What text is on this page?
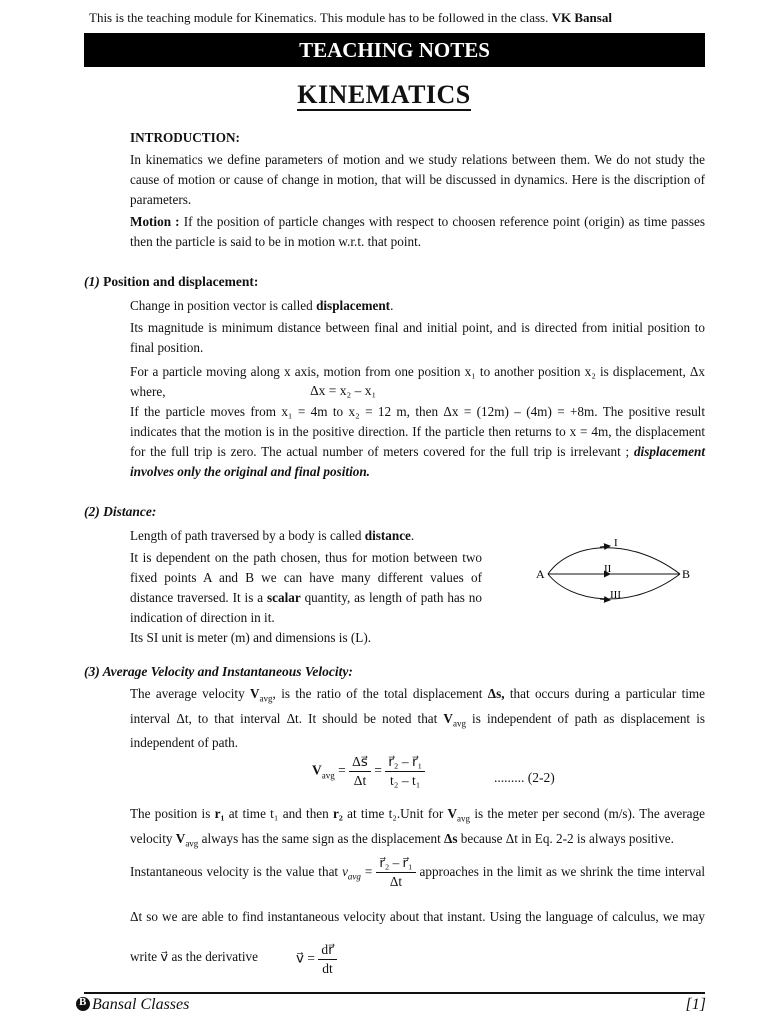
This is the teaching module for Kinematics. This module has to be followed in the class. VK Bansal
TEACHING NOTES
KINEMATICS
INTRODUCTION:
In kinematics we define parameters of motion and we study relations between them. We do not study the cause of motion or cause of change in motion, that will be discussed in dynamics. Here is the discription of parameters.
Motion : If the position of particle changes with respect to choosen reference point (origin) as time passes then the particle is said to be in motion w.r.t. that point.
(1) Position and displacement:
Change in position vector is called displacement.
Its magnitude is minimum distance between final and initial point, and is directed from initial position to final position.
For a particle moving along x axis, motion from one position x₁ to another position x₂ is displacement, Δx where,	Δx = x₂ – x₁
If the particle moves from x₁ = 4m to x₂ = 12 m, then Δx = (12m) – (4m) = +8m. The positive result indicates that the motion is in the positive direction. If the particle then returns to x = 4m, the displacement for the full trip is zero. The actual number of meters covered for the full trip is irrelevant ; displacement involves only the original and final position.
(2) Distance:
Length of path traversed by a body is called distance.
It is dependent on the path chosen, thus for motion between two fixed points A and B we can have many different values of distance traversed. It is a scalar quantity, as length of path has no indication of direction in it.
Its SI unit is meter (m) and dimensions is (L).
A	B
I
II
III
(3) Average Velocity and Instantaneous Velocity:
The average velocity $V_{avg}$, is the ratio of the total displacement Δs, that occurs during a particular time interval Δt, to that interval Δt. It should be noted that $V_{avg}$ is independent of path as displacement is independent of path.
$V_{avg} = \frac{\Delta s⃗}{\Delta t} = \frac{\text{r⃗₂ – r⃗₁}}{\text{t₂ – t₁}}$	......... (2-2)
The position is r₁ at time t₁ and then r₂ at time t₂.Unit for $V_{avg}$ is the meter per second (m/s). The average velocity $V_{avg}$ always has the same sign as the displacement Δs because Δt in Eq. 2-2 is always positive.
Instantaneous velocity is the value that $v_{avg} = \frac{\text{r⃗₂ – r⃗₁}}{\Delta t}$ approaches in the limit as we shrink the time interval Δt so we are able to find instantaneous velocity about that instant. Using the language of calculus, we may write v⃗ as the derivative	v⃗ = $\frac{dr⃗}{dt}$
BBansal Classes	[1]
